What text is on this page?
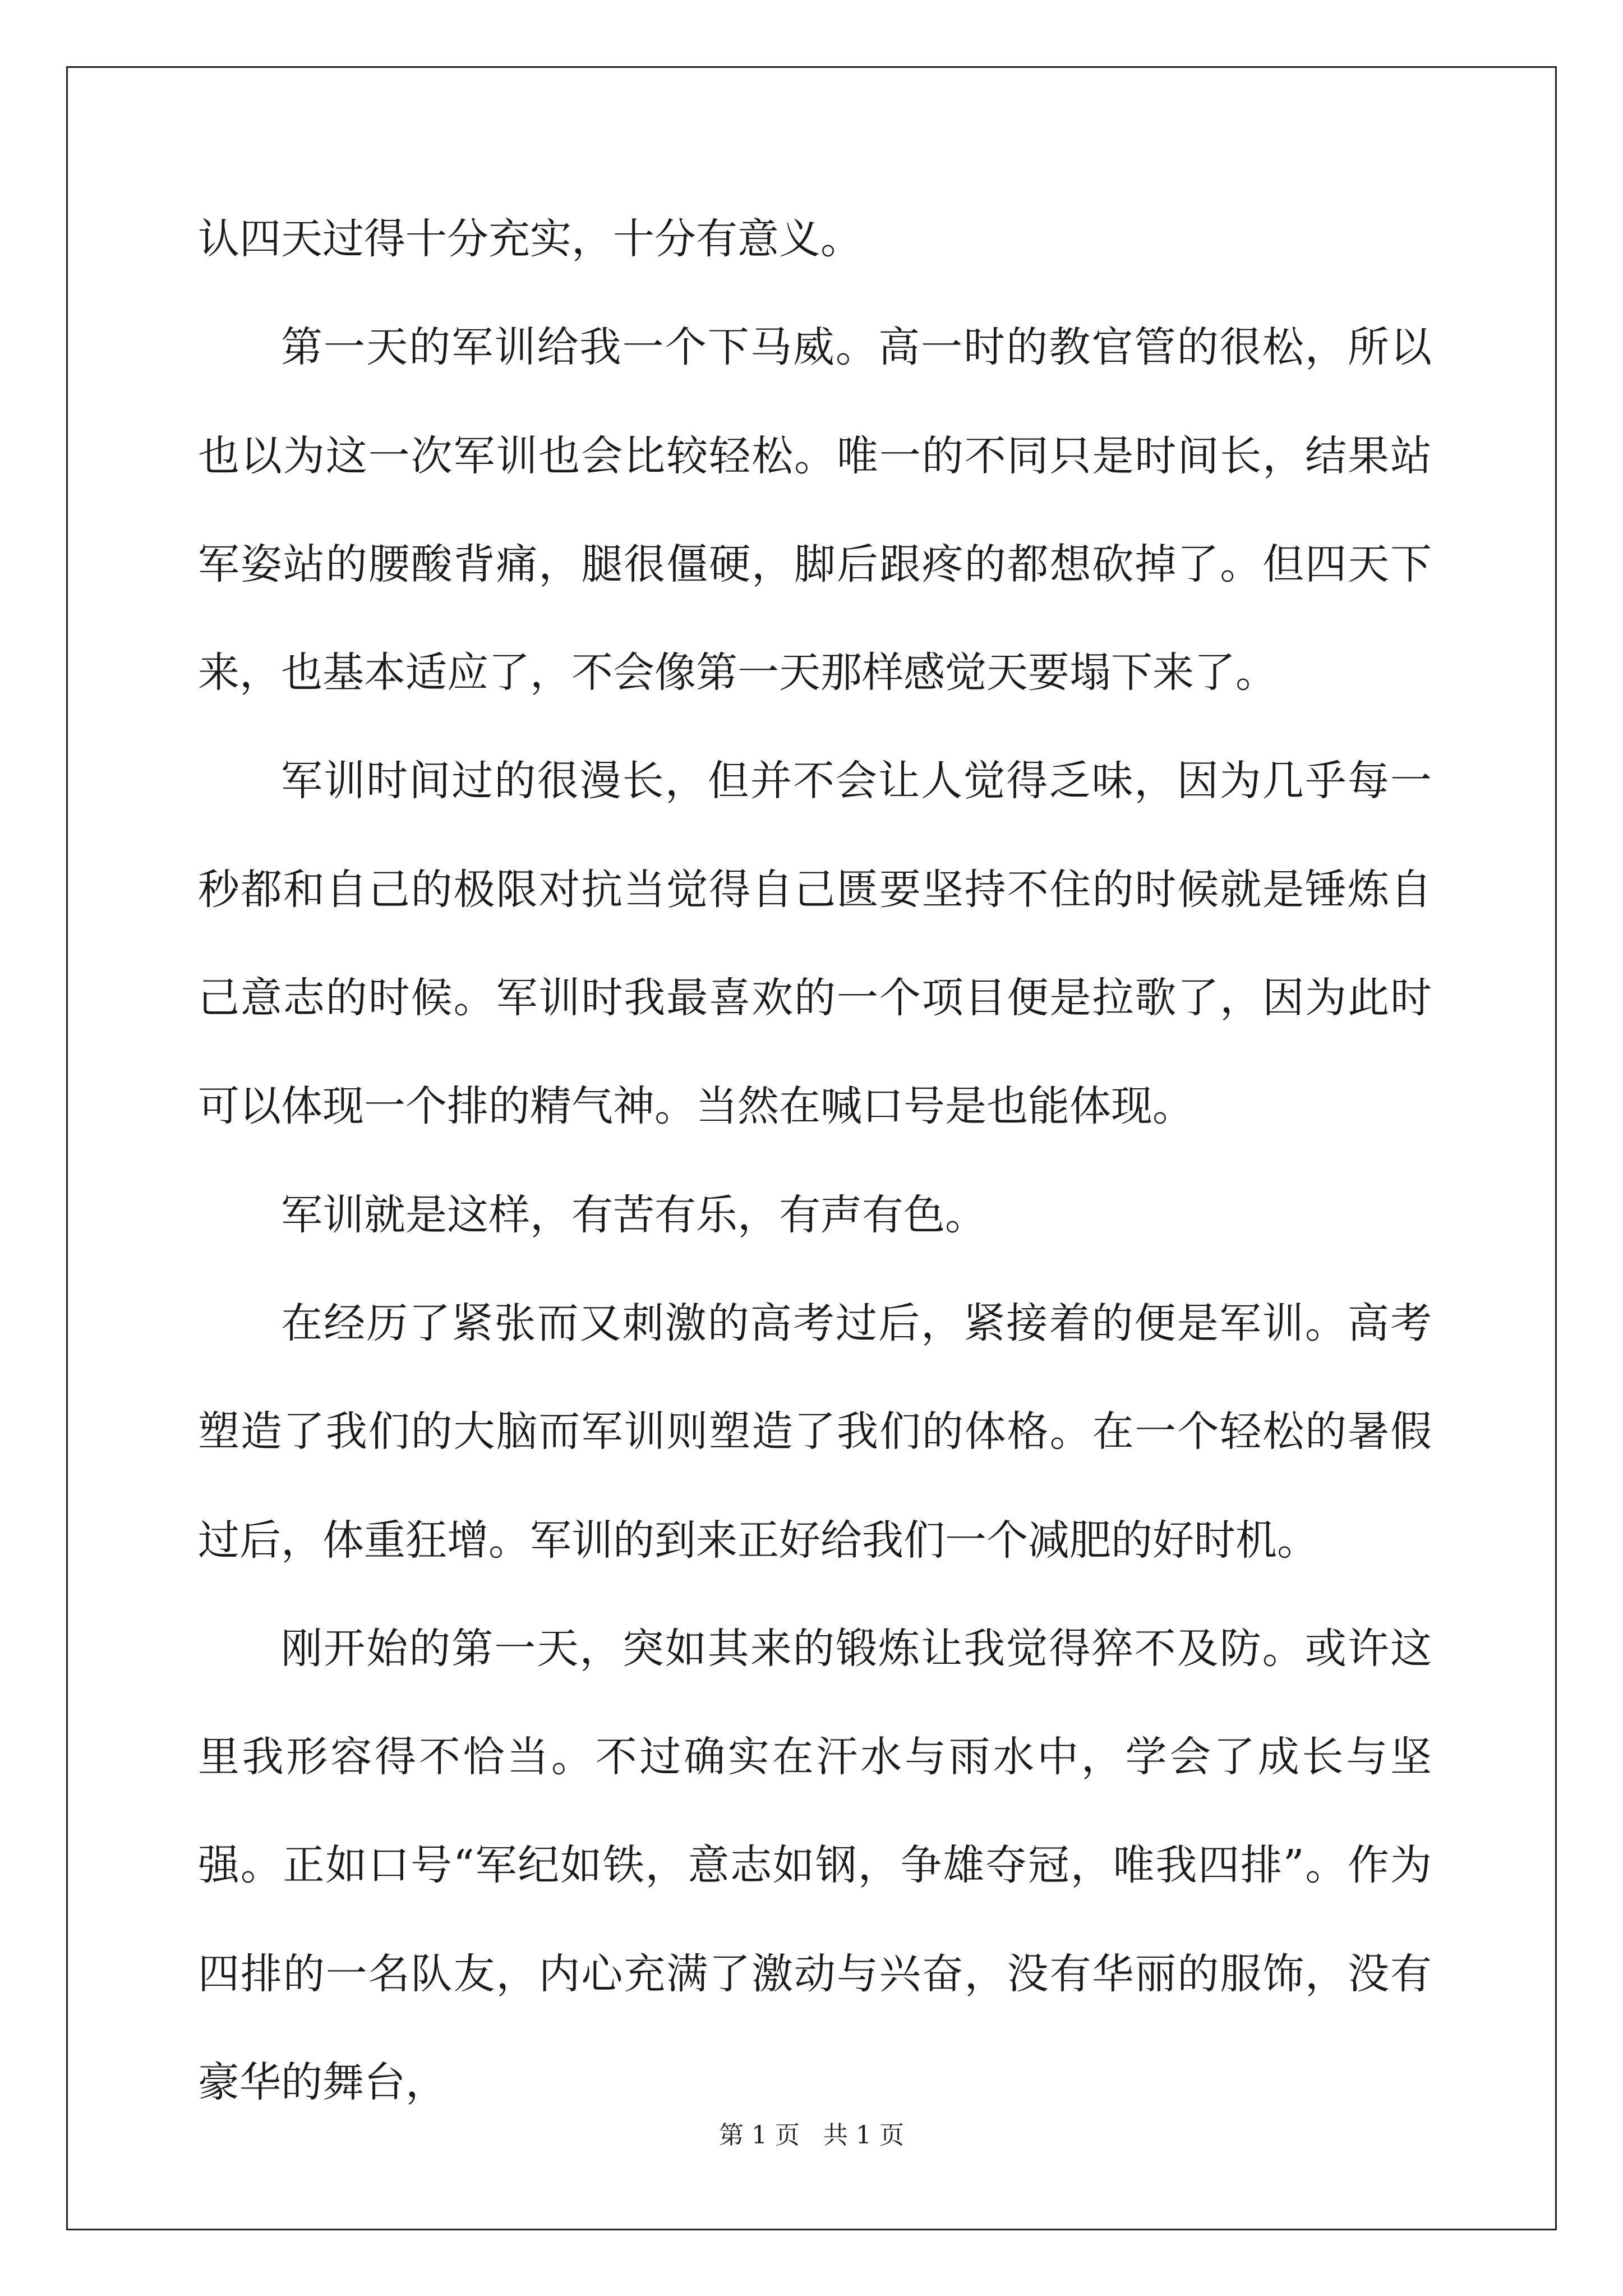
认四天过得十分充实，十分有意义。

第一天的军训给我一个下马威。高一时的教官管的很松，所以也以为这一次军训也会比较轻松。唯一的不同只是时间长，结果站军姿站的腰酸背痛，腿很僵硬，脚后跟疼的都想砍掉了。但四天下来，也基本适应了，不会像第一天那样感觉天要塌下来了。

军训时间过的很漫长，但并不会让人觉得乏味，因为几乎每一秒都和自己的极限对抗当觉得自己匮要坚持不住的时候就是锤炼自己意志的时候。军训时我最喜欢的一个项目便是拉歌了，因为此时可以体现一个排的精气神。当然在喊口号是也能体现。

军训就是这样，有苦有乐，有声有色。

在经历了紧张而又刺激的高考过后，紧接着的便是军训。高考塑造了我们的大脑而军训则塑造了我们的体格。在一个轻松的暑假过后，体重狂增。军训的到来正好给我们一个减肥的好时机。

刚开始的第一天，突如其来的锻炼让我觉得猝不及防。或许这里我形容得不恰当。不过确实在汗水与雨水中，学会了成长与坚强。正如口号“军纪如铁，意志如钢，争雄夺冠，唯我四排”。作为四排的一名队友，内心充满了激动与兴奋，没有华丽的服饰，没有豪华的舞台，

第 1 页   共 1 页
